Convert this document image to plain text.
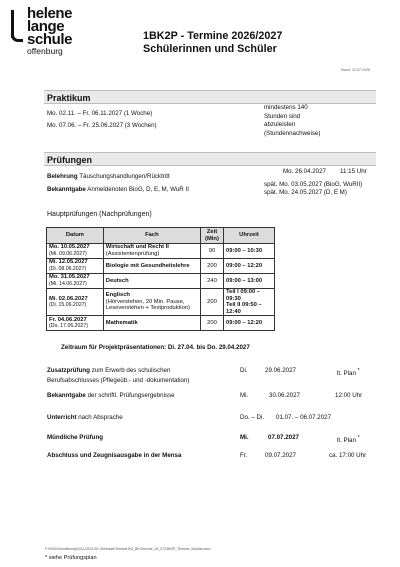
helene
lange
schule
offenburg
1BK2P - Termine 2026/2027
Schülerinnen und Schüler
Stand: 22.07.2026
Praktikum
Mo. 02.11. – Fr. 06.11.2027 (1 Woche)
Mo. 07.06. – Fr. 25.06.2027 (3 Wochen)
mindestens 140
Stunden sind
abzuleisten
(Stundennachweise)
Prüfungen
Belehrung Täuschungshandlungen/Rücktritt
Mo. 26.04.2027 11:15 Uhr
Bekanntgabe Anmeldenoten BioG, D, E, M, WuR II
spät. Mo. 03.05.2027 (BioG, WuRII)
spät. Mo. 24.05.2027 (D, E M)
Hauptprüfungen (Nachprüfungen)
Datum	Fach	Zeit (Min)	Uhrzeit

Mo. 10.05.2027
(Mi. 09.06.2027)	Wirtschaft und Recht II
(Assistentenprüfung)	90	09:00 – 10:30

Mi. 12.05.2027
(Di. 08.06.2027)	Biologie mit Gesundheitslehre	200	09:00 – 12:20

Mo. 31.05.2027
(Mi. 14.06.2027)	Deutsch	240	09:00 – 13:00

Mi. 02.06.2027
(Di. 15.06.2027)	Englisch
(Hörverstehen, 20 Min. Pause, Leseverstehen + Textproduktion)	200	Teil I 09:00 – 09:30
Teil II 09:50 – 12:40

Fr. 04.06.2027
(Do. 17.06.2027)	Mathematik	200	09:00 – 12:20
Zeitraum für Projektpräsentationen: Di. 27.04. bis Do. 29.04.2027
Zusatzprüfung zum Erwerb des schulischen
Berufsabschlusses (Pflegeüb.- und -dokumentation)
Di.	29.06.2027	lt. Plan *
Bekanntgabe der schriftl. Prüfungsergebnisse	Mi.	30.06.2027	12:00 Uhr
Unterricht nach Absprache	Do. – Di. 01.07. – 06.07.2027
Mündliche Prüfung	Mi.	07.07.2027	lt. Plan *
Abschluss und Zeugnisausgabe in der Mensa	Fr.	09.07.2027	ca. 17:00 Uhr
F:\HSO\Schulleitung\VOLL\2021\01 Oberstufe\Termine BG_BK\Termine_26_27\1BK2P_Termine_Schüler.docx
* siehe Prüfungsplan
